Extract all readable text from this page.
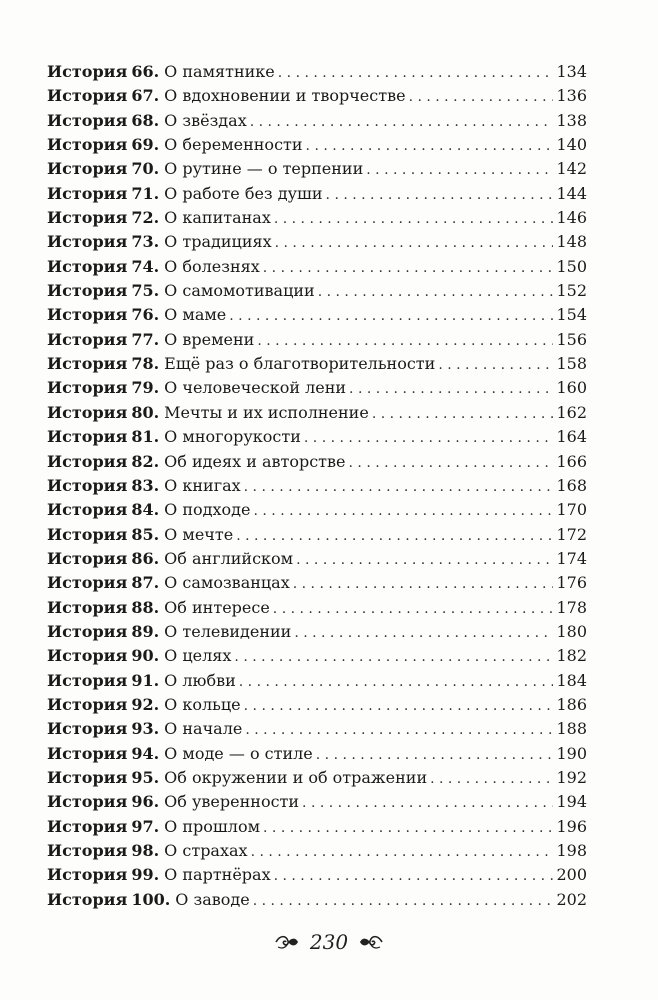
История 66. О памятнике . . .	134
История 67. О вдохновении и творчестве . . .	136
История 68. О звёздах . . .	138
История 69. О беременности . . .	140
История 70. О рутине — о терпении . . .	142
История 71. О работе без души . . .	144
История 72. О капитанах . . .	146
История 73. О традициях . . .	148
История 74. О болезнях . . .	150
История 75. О самомотивации . . .	152
История 76. О маме . . .	154
История 77. О времени . . .	156
История 78. Ещё раз о благотворительности . . .	158
История 79. О человеческой лени . . .	160
История 80. Мечты и их исполнение . . .	162
История 81. О многорукости . . .	164
История 82. Об идеях и авторстве . . .	166
История 83. О книгах . . .	168
История 84. О подходе . . .	170
История 85. О мечте . . .	172
История 86. Об английском . . .	174
История 87. О самозванцах . . .	176
История 88. Об интересе . . .	178
История 89. О телевидении . . .	180
История 90. О целях . . .	182
История 91. О любви . . .	184
История 92. О кольце . . .	186
История 93. О начале . . .	188
История 94. О моде — о стиле . . .	190
История 95. Об окружении и об отражении . . .	192
История 96. Об уверенности . . .	194
История 97. О прошлом . . .	196
История 98. О страхах . . .	198
История 99. О партнёрах . . .	200
История 100. О заводе . . .	202
230
